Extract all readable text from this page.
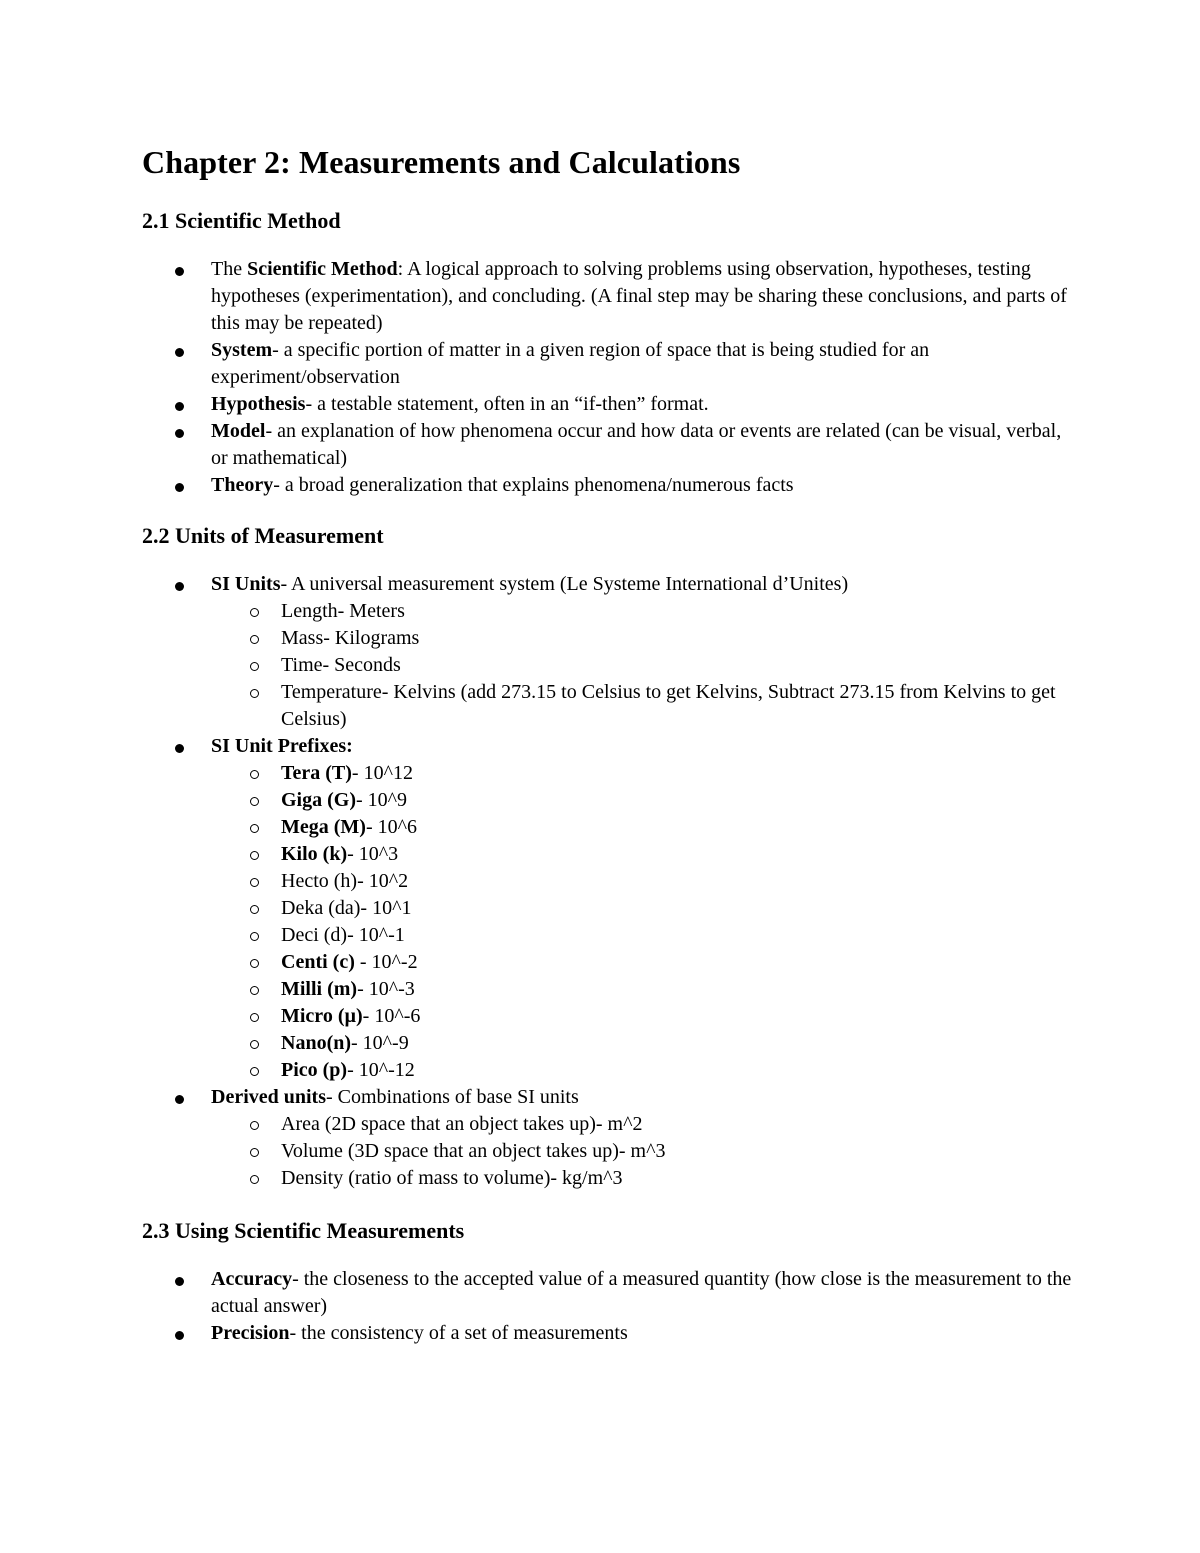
Chapter 2: Measurements and Calculations
2.1 Scientific Method
The Scientific Method: A logical approach to solving problems using observation, hypotheses, testing hypotheses (experimentation), and concluding. (A final step may be sharing these conclusions, and parts of this may be repeated)
System- a specific portion of matter in a given region of space that is being studied for an experiment/observation
Hypothesis- a testable statement, often in an “if-then” format.
Model- an explanation of how phenomena occur and how data or events are related (can be visual, verbal, or mathematical)
Theory- a broad generalization that explains phenomena/numerous facts
2.2 Units of Measurement
SI Units- A universal measurement system (Le Systeme International d’Unites)
Length- Meters
Mass- Kilograms
Time- Seconds
Temperature- Kelvins (add 273.15 to Celsius to get Kelvins, Subtract 273.15 from Kelvins to get Celsius)
SI Unit Prefixes:
Tera (T)- 10^12
Giga (G)- 10^9
Mega (M)- 10^6
Kilo (k)- 10^3
Hecto (h)- 10^2
Deka (da)- 10^1
Deci (d)- 10^-1
Centi (c) - 10^-2
Milli (m)- 10^-3
Micro (µ)- 10^-6
Nano(n)- 10^-9
Pico (p)- 10^-12
Derived units- Combinations of base SI units
Area (2D space that an object takes up)- m^2
Volume (3D space that an object takes up)- m^3
Density (ratio of mass to volume)- kg/m^3
2.3 Using Scientific Measurements
Accuracy- the closeness to the accepted value of a measured quantity (how close is the measurement to the actual answer)
Precision- the consistency of a set of measurements
